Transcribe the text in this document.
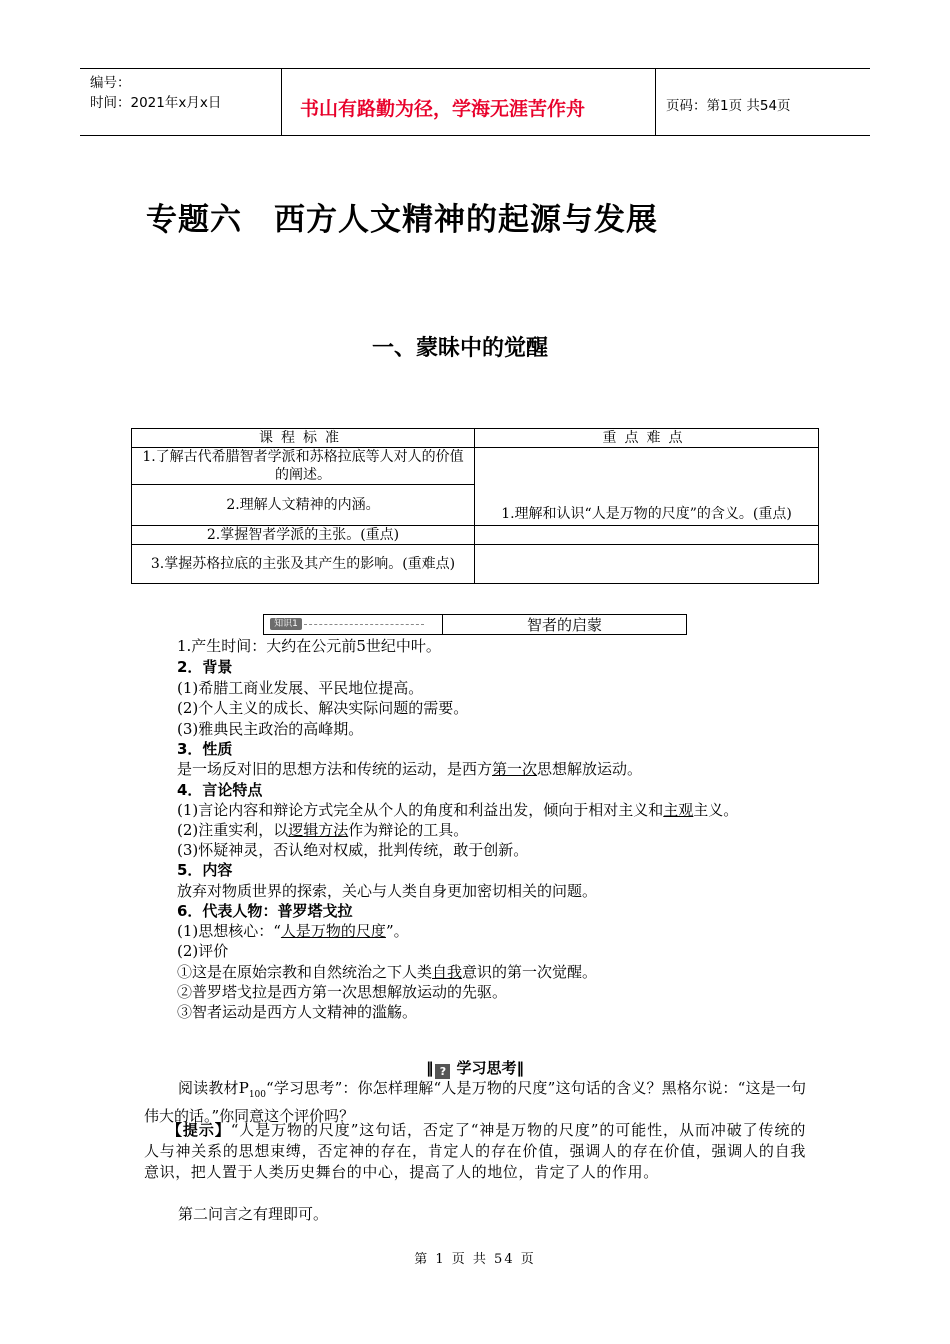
编号：
时间：2021年x月x日	书山有路勤为径，学海无涯苦作舟	页码：第1页 共54页
专题六　西方人文精神的起源与发展
一、蒙昧中的觉醒
课程标准	重点难点
1.了解古代希腊智者学派和苏格拉底等人对人的价值的阐述。	1.理解和认识“人是万物的尺度”的含义。(重点)

2.理解人文精神的内涵。	
2.掌握智者学派的主张。(重点)	
3.掌握苏格拉底的主张及其产生的影响。(重难点)	
知识1	智者的启蒙
1.产生时间：大约在公元前5世纪中叶。
2．背景
(1)希腊工商业发展、平民地位提高。
(2)个人主义的成长、解决实际问题的需要。
(3)雅典民主政治的高峰期。
3．性质
是一场反对旧的思想方法和传统的运动，是西方第一次思想解放运动。
4．言论特点
(1)言论内容和辩论方式完全从个人的角度和利益出发，倾向于相对主义和主观主义。
(2)注重实利，以逻辑方法作为辩论的工具。
(3)怀疑神灵，否认绝对权威，批判传统，敢于创新。
5．内容
放弃对物质世界的探索，关心与人类自身更加密切相关的问题。
6．代表人物：普罗塔戈拉
(1)思想核心：“人是万物的尺度”。
(2)评价
①这是在原始宗教和自然统治之下人类自我意识的第一次觉醒。
②普罗塔戈拉是西方第一次思想解放运动的先驱。
③智者运动是西方人文精神的滥觞。
‖ ? 学习思考‖
阅读教材$P_{100}“$学习思考”：你怎样理解“人是万物的尺度”这句话的含义？黑格尔说：“这是一句伟大的话。”你同意这个评价吗？
【提示】“人是万物的尺度”这句话，否定了“神是万物的尺度”的可能性，从而冲破了传统的人与神关系的思想束缚，否定神的存在，肯定人的存在价值，强调人的存在价值，强调人的自我意识，把人置于人类历史舞台的中心，提高了人的地位，肯定了人的作用。
第二问言之有理即可。
第 1 页 共 54 页
